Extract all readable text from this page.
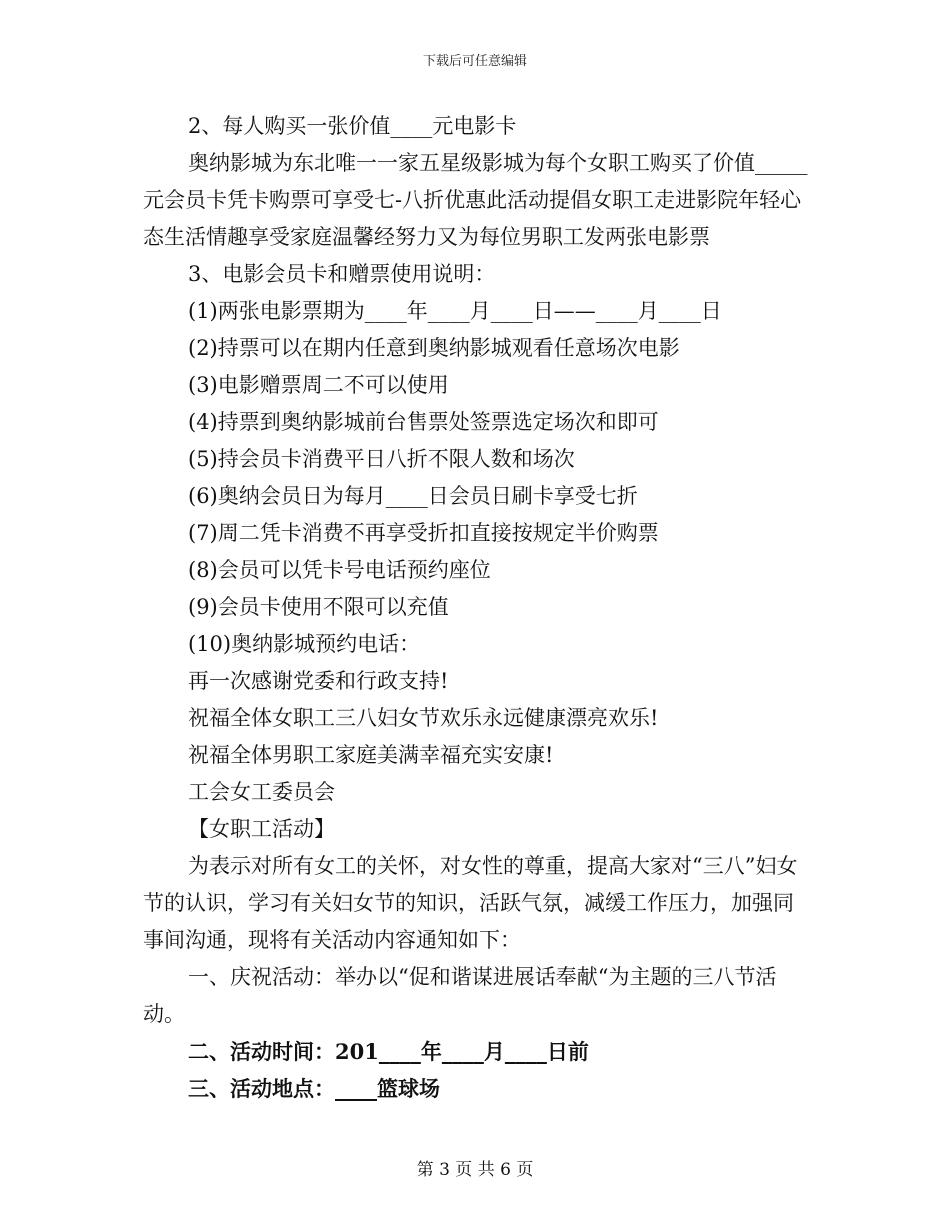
下载后可任意编辑

2、每人购买一张价值____元电影卡

奥纳影城为东北唯一一家五星级影城为每个女职工购买了价值_____元会员卡凭卡购票可享受七-八折优惠此活动提倡女职工走进影院年轻心态生活情趣享受家庭温馨经努力又为每位男职工发两张电影票

3、电影会员卡和赠票使用说明：

(1)两张电影票期为____年____月____日——____月____日

(2)持票可以在期内任意到奥纳影城观看任意场次电影

(3)电影赠票周二不可以使用

(4)持票到奥纳影城前台售票处签票选定场次和即可

(5)持会员卡消费平日八折不限人数和场次

(6)奥纳会员日为每月____日会员日刷卡享受七折

(7)周二凭卡消费不再享受折扣直接按规定半价购票

(8)会员可以凭卡号电话预约座位

(9)会员卡使用不限可以充值

(10)奥纳影城预约电话：

再一次感谢党委和行政支持!

祝福全体女职工三八妇女节欢乐永远健康漂亮欢乐!

祝福全体男职工家庭美满幸福充实安康!

工会女工委员会

【女职工活动】

为表示对所有女工的关怀，对女性的尊重，提高大家对“三八”妇女节的认识，学习有关妇女节的知识，活跃气氛，减缓工作压力，加强同事间沟通，现将有关活动内容通知如下：

一、庆祝活动：举办以“促和谐谋进展话奉献“为主题的三八节活动。

二、活动时间：201____年____月____日前

三、活动地点：____篮球场

第 3 页 共 6 页
